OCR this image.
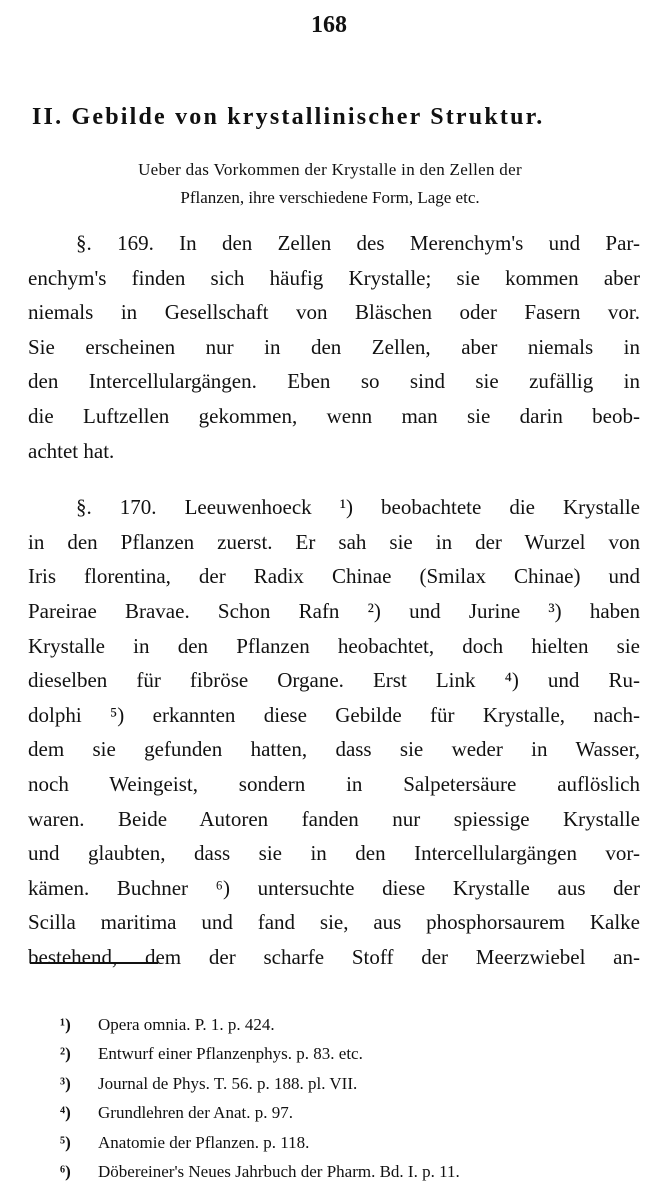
168
II. Gebilde von krystallinischer Struktur.
Ueber das Vorkommen der Krystalle in den Zellen der
Pflanzen, ihre verschiedene Form, Lage etc.
§. 169. In den Zellen des Merenchym's und Par-
enchym's finden sich häufig Krystalle; sie kommen aber
niemals in Gesellschaft von Bläschen oder Fasern vor.
Sie erscheinen nur in den Zellen, aber niemals in
den Intercellulargängen. Eben so sind sie zufällig in
die Luftzellen gekommen, wenn man sie darin beob-
achtet hat.
§. 170. Leeuwenhoeck ¹) beobachtete die Krystalle
in den Pflanzen zuerst. Er sah sie in der Wurzel von
Iris florentina, der Radix Chinae (Smilax Chinae) und
Pareirae Bravae. Schon Rafn ²) und Jurine ³) haben
Krystalle in den Pflanzen heobachtet, doch hielten sie
dieselben für fibröse Organe. Erst Link ⁴) und Ru-
dolphi ⁵) erkannten diese Gebilde für Krystalle, nach-
dem sie gefunden hatten, dass sie weder in Wasser,
noch Weingeist, sondern in Salpetersäure auflöslich
waren. Beide Autoren fanden nur spiessige Krystalle
und glaubten, dass sie in den Intercellulargängen vor-
kämen. Buchner ⁶) untersuchte diese Krystalle aus der
Scilla maritima und fand sie, aus phosphorsaurem Kalke
bestehend, dem der scharfe Stoff der Meerzwiebel an-
¹) Opera omnia. P. 1. p. 424.
²) Entwurf einer Pflanzenphys. p. 83. etc.
³) Journal de Phys. T. 56. p. 188. pl. VII.
⁴) Grundlehren der Anat. p. 97.
⁵) Anatomie der Pflanzen. p. 118.
⁶) Döbereiner's Neues Jahrbuch der Pharm. Bd. I. p. 11.
